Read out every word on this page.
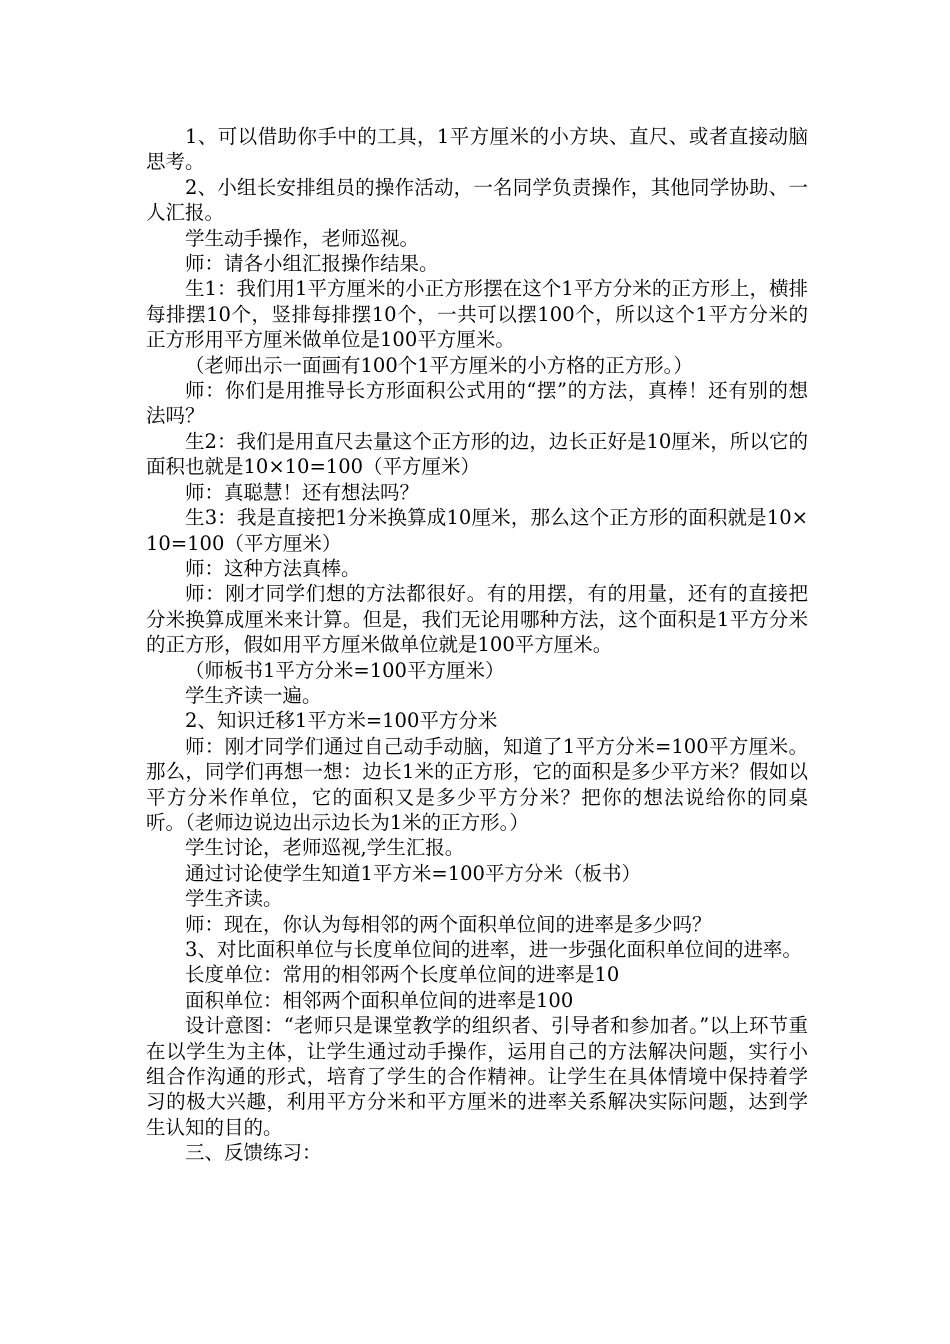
1、可以借助你手中的工具，1平方厘米的小方块、直尺、或者直接动脑思考。

2、小组长安排组员的操作活动，一名同学负责操作，其他同学协助、一人汇报。

学生动手操作，老师巡视。

师：请各小组汇报操作结果。

生1：我们用1平方厘米的小正方形摆在这个1平方分米的正方形上，横排每排摆10个，竖排每排摆10个，一共可以摆100个，所以这个1平方分米的正方形用平方厘米做单位是100平方厘米。

（老师出示一面画有100个1平方厘米的小方格的正方形。）

师：你们是用推导长方形面积公式用的“摆”的方法，真棒！还有别的想法吗？

生2：我们是用直尺去量这个正方形的边，边长正好是10厘米，所以它的面积也就是10×10=100（平方厘米）

师：真聪慧！还有想法吗？

生3：我是直接把1分米换算成10厘米，那么这个正方形的面积就是10×10=100（平方厘米）

师：这种方法真棒。

师：刚才同学们想的方法都很好。有的用摆，有的用量，还有的直接把分米换算成厘米来计算。但是，我们无论用哪种方法，这个面积是1平方分米的正方形，假如用平方厘米做单位就是100平方厘米。

（师板书1平方分米=100平方厘米）

学生齐读一遍。

2、知识迁移1平方米=100平方分米

师：刚才同学们通过自己动手动脑，知道了1平方分米=100平方厘米。那么，同学们再想一想：边长1米的正方形，它的面积是多少平方米？假如以平方分米作单位，它的面积又是多少平方分米？把你的想法说给你的同桌听。（老师边说边出示边长为1米的正方形。）

学生讨论，老师巡视,学生汇报。

通过讨论使学生知道1平方米=100平方分米（板书）

学生齐读。

师：现在，你认为每相邻的两个面积单位间的进率是多少吗？

3、对比面积单位与长度单位间的进率，进一步强化面积单位间的进率。

长度单位：常用的相邻两个长度单位间的进率是10

面积单位：相邻两个面积单位间的进率是100

设计意图：“老师只是课堂教学的组织者、引导者和参加者。”以上环节重在以学生为主体，让学生通过动手操作，运用自己的方法解决问题，实行小组合作沟通的形式，培育了学生的合作精神。让学生在具体情境中保持着学习的极大兴趣，利用平方分米和平方厘米的进率关系解决实际问题，达到学生认知的目的。

三、反馈练习：
